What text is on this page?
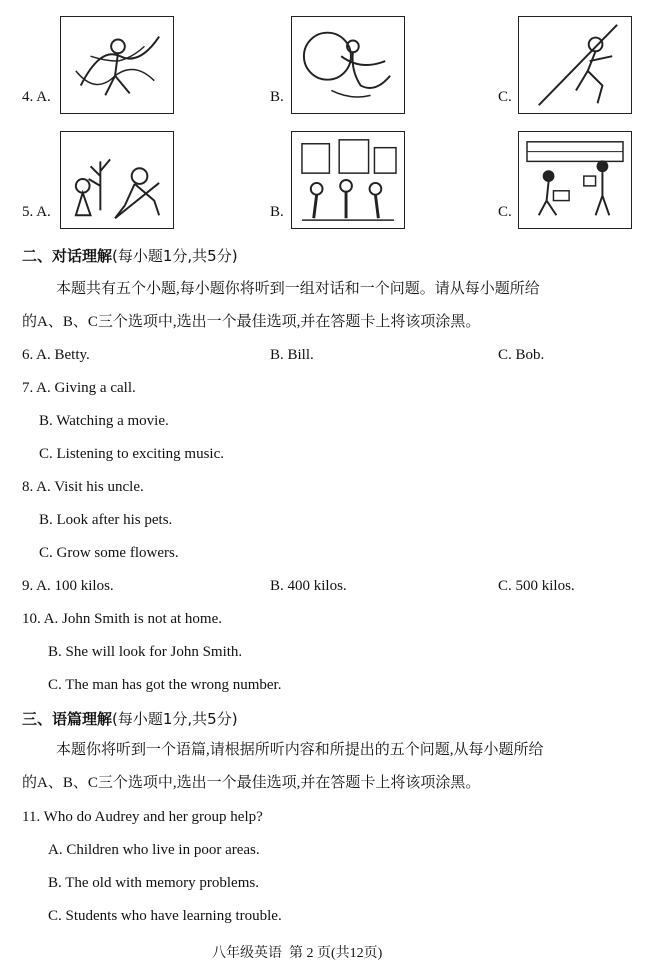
4. A.	B.	C.
5. A.	B.	C.
二、对话理解(每小题1分,共5分)
本题共有五个小题,每小题你将听到一组对话和一个问题。请从每小题所给
的A、B、C三个选项中,选出一个最佳选项,并在答题卡上将该项涂黑。
6. A. Betty.	B. Bill.	C. Bob.
7. A. Giving a call.
B. Watching a movie.
C. Listening to exciting music.
8. A. Visit his uncle.
B. Look after his pets.
C. Grow some flowers.
9. A. 100 kilos.	B. 400 kilos.	C. 500 kilos.
10. A. John Smith is not at home.
B. She will look for John Smith.
C. The man has got the wrong number.
三、语篇理解(每小题1分,共5分)
本题你将听到一个语篇,请根据所听内容和所提出的五个问题,从每小题所给
的A、B、C三个选项中,选出一个最佳选项,并在答题卡上将该项涂黑。
11. Who do Audrey and her group help?
A. Children who live in poor areas.
B. The old with memory problems.
C. Students who have learning trouble.
八年级英语  第 2 页(共12页)
